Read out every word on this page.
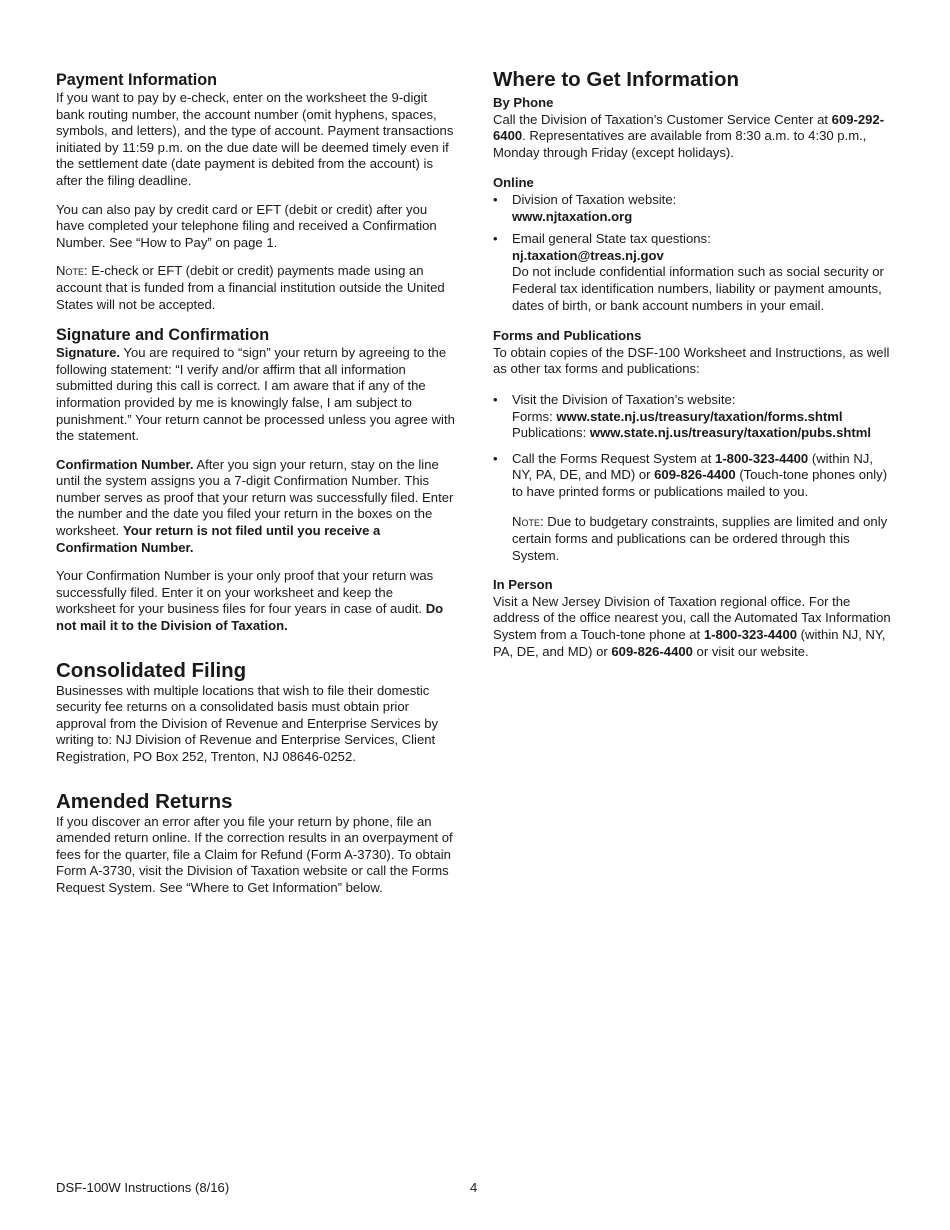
Payment Information

If you want to pay by e-check, enter on the worksheet the 9-digit bank routing number, the account number (omit hyphens, spaces, symbols, and letters), and the type of account. Payment transactions initiated by 11:59 p.m. on the due date will be deemed timely even if the settlement date (date payment is debited from the account) is after the filing deadline.

You can also pay by credit card or EFT (debit or credit) after you have completed your telephone filing and received a Confirmation Number. See “How to Pay” on page 1.

Note: E-check or EFT (debit or credit) payments made using an account that is funded from a financial institution outside the United States will not be accepted.

Signature and Confirmation

Signature. You are required to “sign” your return by agreeing to the following statement: “I verify and/or affirm that all information submitted during this call is correct. I am aware that if any of the information provided by me is knowingly false, I am subject to punishment.” Your return cannot be processed unless you agree with the statement.

Confirmation Number. After you sign your return, stay on the line until the system assigns you a 7-digit Confirmation Number. This number serves as proof that your return was successfully filed. Enter the number and the date you filed your return in the boxes on the worksheet. Your return is not filed until you receive a Confirmation Number.

Your Confirmation Number is your only proof that your return was successfully filed. Enter it on your worksheet and keep the worksheet for your business files for four years in case of audit. Do not mail it to the Division of Taxation.

Consolidated Filing

Businesses with multiple locations that wish to file their domestic security fee returns on a consolidated basis must obtain prior approval from the Division of Revenue and Enterprise Services by writing to: NJ Division of Revenue and Enterprise Services, Client Registration, PO Box 252, Trenton, NJ 08646-0252.

Amended Returns

If you discover an error after you file your return by phone, file an amended return online. If the correction results in an overpayment of fees for the quarter, file a Claim for Refund (Form A-3730). To obtain Form A-3730, visit the Division of Taxation website or call the Forms Request System. See “Where to Get Information” below.

Where to Get Information
By Phone

Call the Division of Taxation’s Customer Service Center at 609-292-6400. Representatives are available from 8:30 a.m. to 4:30 p.m., Monday through Friday (except holidays).

Online
• Division of Taxation website:
www.njtaxation.org
• Email general State tax questions:
nj.taxation@treas.nj.gov
Do not include confidential information such as social security or Federal tax identification numbers, liability or payment amounts, dates of birth, or bank account numbers in your email.
Forms and Publications

To obtain copies of the DSF-100 Worksheet and Instructions, as well as other tax forms and publications:

• Visit the Division of Taxation’s website:
Forms: www.state.nj.us/treasury/taxation/forms.shtml
Publications: www.state.nj.us/treasury/taxation/pubs.shtml
• Call the Forms Request System at 1-800-323-4400 (within NJ, NY, PA, DE, and MD) or 609-826-4400 (Touch-tone phones only) to have printed forms or publications mailed to you.

Note: Due to budgetary constraints, supplies are limited and only certain forms and publications can be ordered through this System.

In Person

Visit a New Jersey Division of Taxation regional office. For the address of the office nearest you, call the Automated Tax Information System from a Touch-tone phone at 1-800-323-4400 (within NJ, NY, PA, DE, and MD) or 609-826-4400 or visit our website.

DSF-100W Instructions (8/16)	4
